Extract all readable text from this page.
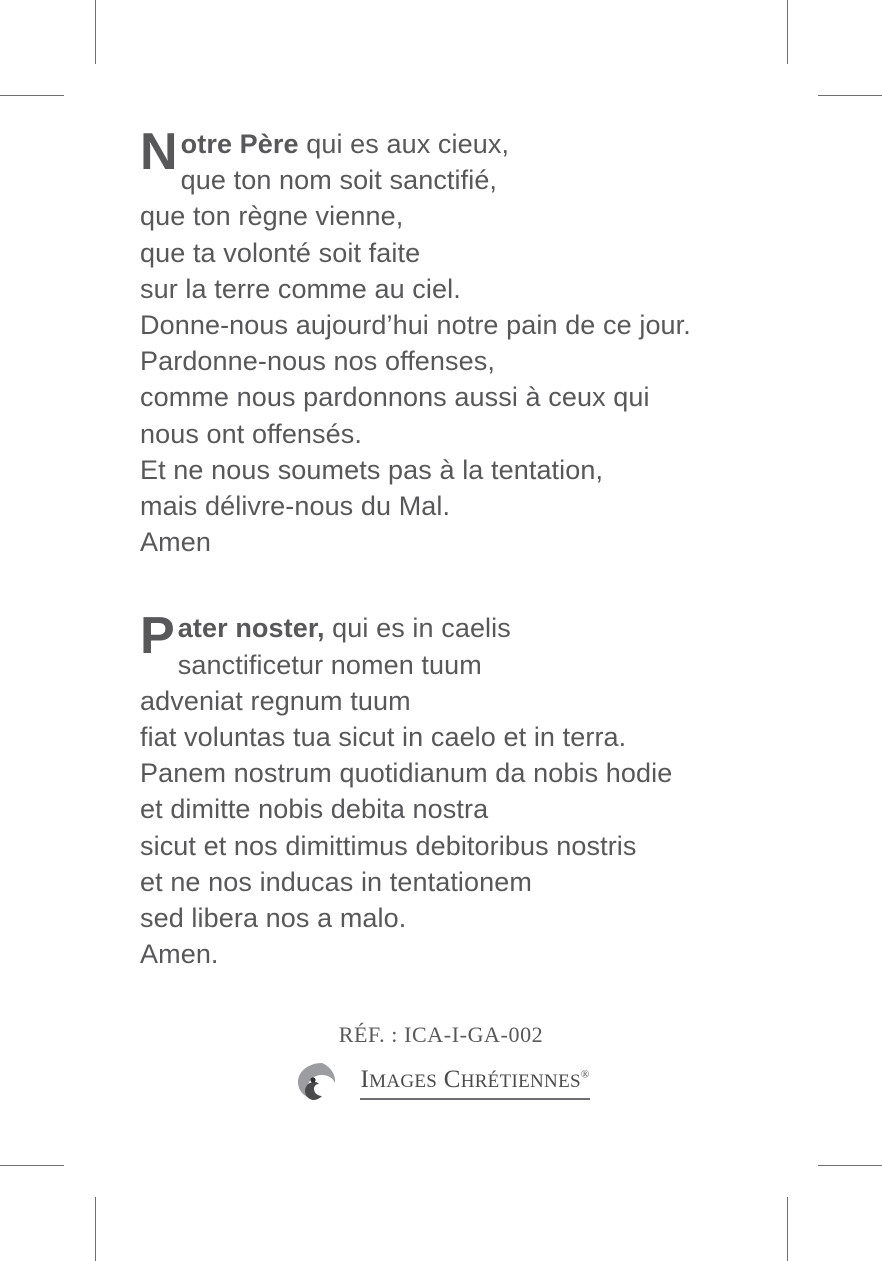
Notre Père qui es aux cieux,

que ton nom soit sanctifié,

que ton règne vienne,

que ta volonté soit faite

sur la terre comme au ciel.

Donne-nous aujourd’hui notre pain de ce jour.

Pardonne-nous nos offenses,

comme nous pardonnons aussi à ceux qui

nous ont offensés.

Et ne nous soumets pas à la tentation,

mais délivre-nous du Mal.

Amen

Pater noster, qui es in caelis

sanctificetur nomen tuum

adveniat regnum tuum

fiat voluntas tua sicut in caelo et in terra.

Panem nostrum quotidianum da nobis hodie

et dimitte nobis debita nostra

sicut et nos dimittimus debitoribus nostris

et ne nos inducas in tentationem

sed libera nos a malo.

Amen.

RÉF. : ICA-I-GA-002
IMAGES CHRÉTIENNES®
